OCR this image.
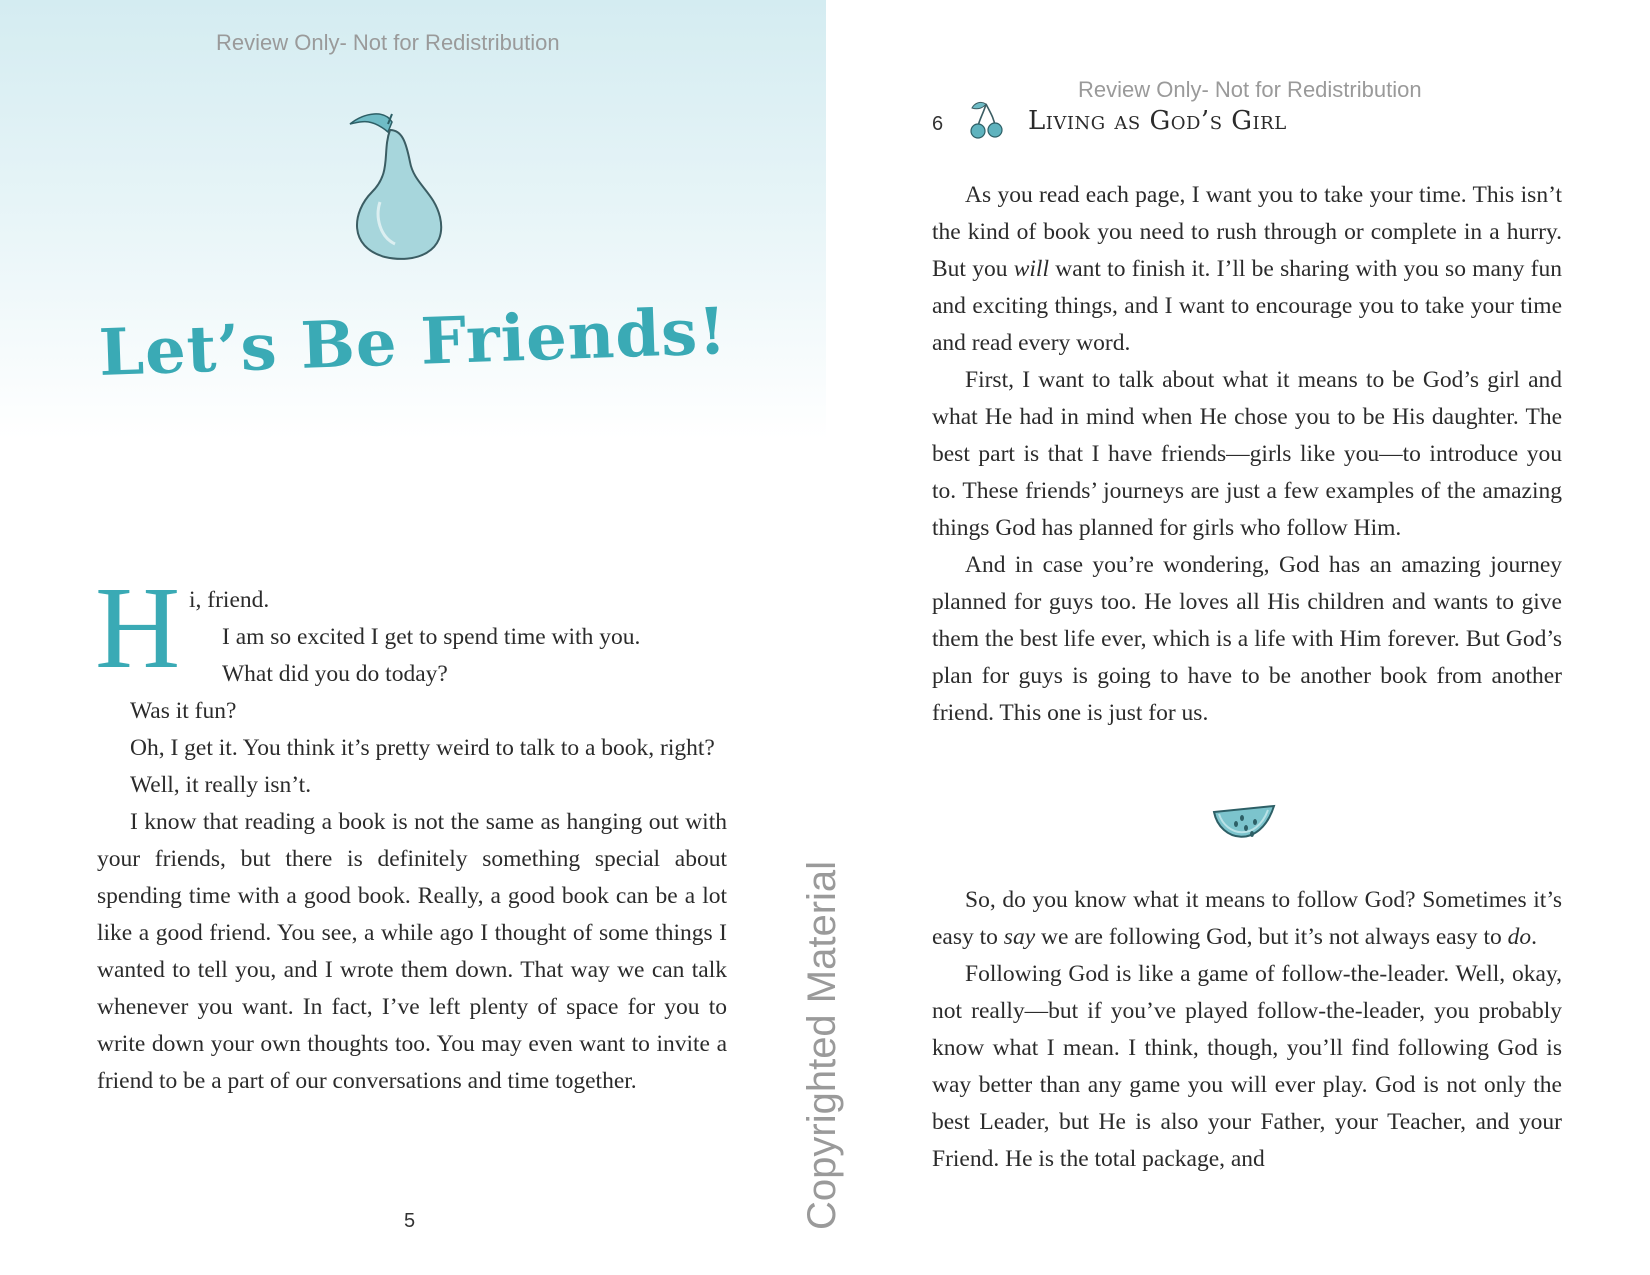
Review Only- Not for Redistribution
Let’s Be Friends!
H i, friend.

I am so excited I get to spend time with you.

What did you do today?

Was it fun?

Oh, I get it. You think it’s pretty weird to talk to a book, right?

Well, it really isn’t.

I know that reading a book is not the same as hanging out with your friends, but there is definitely something special about spending time with a good book. Really, a good book can be a lot like a good friend. You see, a while ago I thought of some things I wanted to tell you, and I wrote them down. That way we can talk whenever you want. In fact, I’ve left plenty of space for you to write down your own thoughts too. You may even want to invite a friend to be a part of our conversations and time together.

5	Copyrighted Material
Review Only- Not for Redistribution
6	Living as God’s Girl

As you read each page, I want you to take your time. This isn’t the kind of book you need to rush through or complete in a hurry. But you will want to finish it. I’ll be sharing with you so many fun and exciting things, and I want to encourage you to take your time and read every word.

First, I want to talk about what it means to be God’s girl and what He had in mind when He chose you to be His daughter. The best part is that I have friends—girls like you—to introduce you to. These friends’ journeys are just a few examples of the amazing things God has planned for girls who follow Him.

And in case you’re wondering, God has an amazing journey planned for guys too. He loves all His children and wants to give them the best life ever, which is a life with Him forever. But God’s plan for guys is going to have to be another book from another friend. This one is just for us.

So, do you know what it means to follow God? Sometimes it’s easy to say we are following God, but it’s not always easy to do.

Following God is like a game of follow-the-leader. Well, okay, not really—but if you’ve played follow-the-leader, you probably know what I mean. I think, though, you’ll find following God is way better than any game you will ever play. God is not only the best Leader, but He is also your Father, your Teacher, and your Friend. He is the total package, and
